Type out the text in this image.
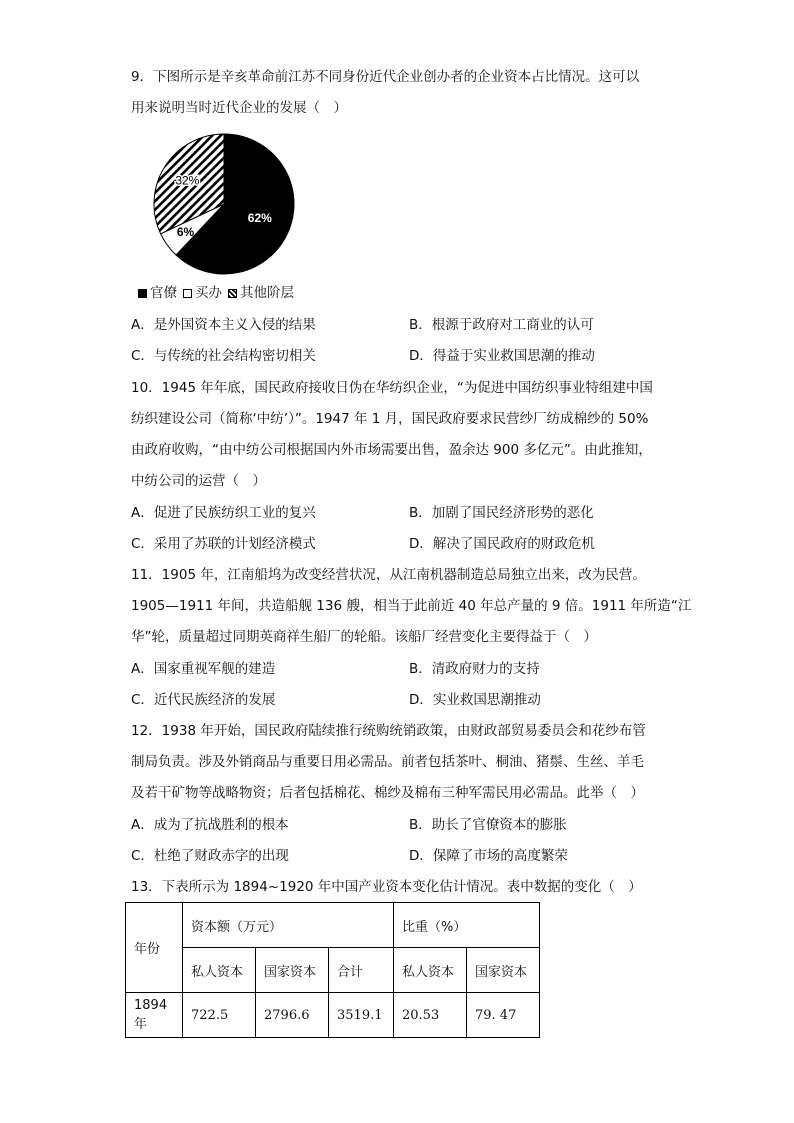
9．下图所示是辛亥革命前江苏不同身份近代企业创办者的企业资本占比情况。这可以
用来说明当时近代企业的发展（　）
62%
6%
32%
官僚 买办 其他阶层
A．是外国资本主义入侵的结果	B．根源于政府对工商业的认可
C．与传统的社会结构密切相关	D．得益于实业救国思潮的推动
10．1945 年年底，国民政府接收日伪在华纺织企业，“为促进中国纺织事业特组建中国
纺织建设公司（简称‘中纺’）”。1947 年 1 月，国民政府要求民营纱厂纺成棉纱的 50%
由政府收购，“由中纺公司根据国内外市场需要出售，盈余达 900 多亿元”。由此推知，
中纺公司的运营（　）
A．促进了民族纺织工业的复兴	B．加剧了国民经济形势的恶化
C．采用了苏联的计划经济模式	D．解决了国民政府的财政危机
11．1905 年，江南船坞为改变经营状况，从江南机器制造总局独立出来，改为民营。
1905—1911 年间，共造船舰 136 艘，相当于此前近 40 年总产量的 9 倍。1911 年所造“江
华”轮，质量超过同期英商祥生船厂的轮船。该船厂经营变化主要得益于（　）
A．国家重视军舰的建造	B．清政府财力的支持
C．近代民族经济的发展	D．实业救国思潮推动
12．1938 年开始，国民政府陆续推行统购统销政策，由财政部贸易委员会和花纱布管
制局负责。涉及外销商品与重要日用必需品。前者包括茶叶、桐油、猪鬃、生丝、羊毛
及若干矿物等战略物资；后者包括棉花、棉纱及棉布三种军需民用必需品。此举（　）
A．成为了抗战胜利的根本	B．助长了官僚资本的膨胀
C．杜绝了财政赤字的出现	D．保障了市场的高度繁荣
13．下表所示为 1894~1920 年中国产业资本变化估计情况。表中数据的变化（　）
年份	资本额（万元）			比重（%）	
	私人资本	国家资本	合计	私人资本	国家资本
1894 年	722.5	2796.6	3519.1	20.53	79. 47
